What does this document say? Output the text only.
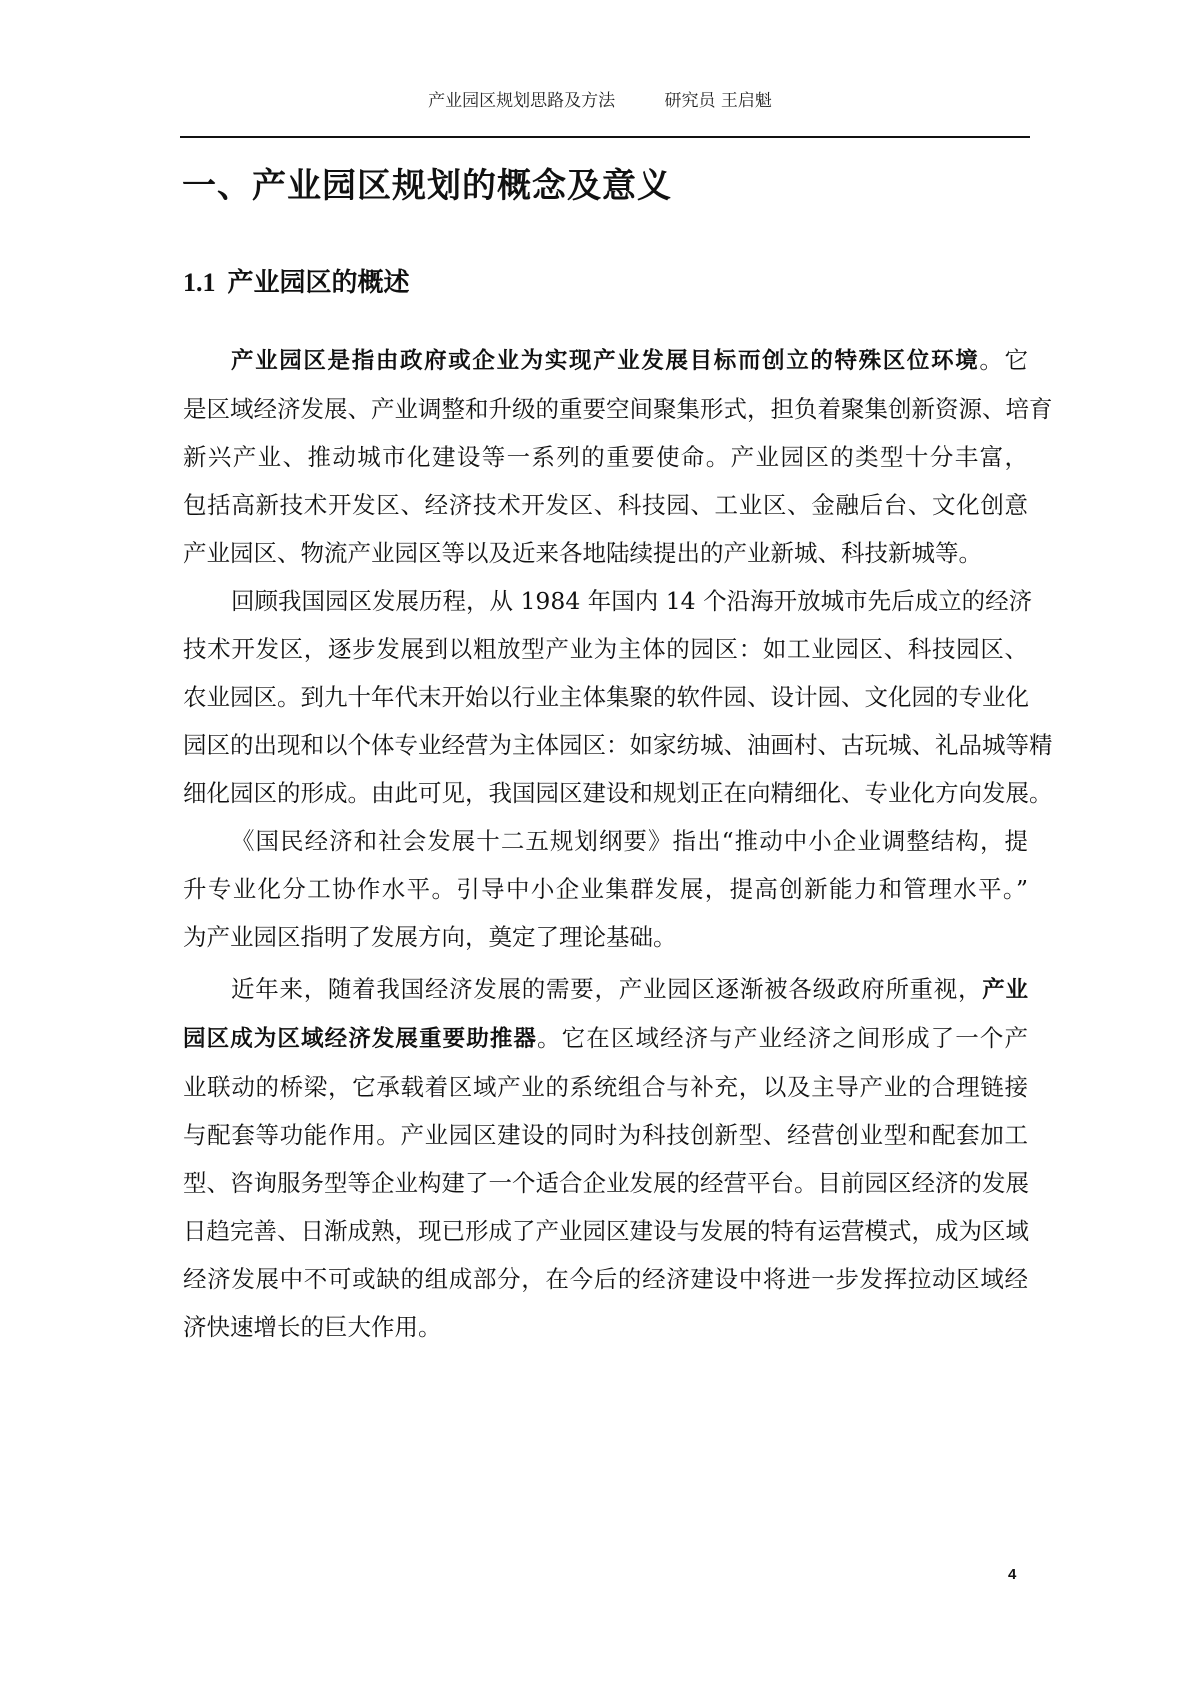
产业园区规划思路及方法	研究员 王启魁
一、产业园区规划的概念及意义
1.1 产业园区的概述
产业园区是指由政府或企业为实现产业发展目标而创立的特殊区位环境。它
是区域经济发展、产业调整和升级的重要空间聚集形式，担负着聚集创新资源、培育
新兴产业、推动城市化建设等一系列的重要使命。产业园区的类型十分丰富，
包括高新技术开发区、经济技术开发区、科技园、工业区、金融后台、文化创意
产业园区、物流产业园区等以及近来各地陆续提出的产业新城、科技新城等。
回顾我国园区发展历程，从 1984 年国内 14 个沿海开放城市先后成立的经济
技术开发区，逐步发展到以粗放型产业为主体的园区：如工业园区、科技园区、
农业园区。到九十年代末开始以行业主体集聚的软件园、设计园、文化园的专业化
园区的出现和以个体专业经营为主体园区：如家纺城、油画村、古玩城、礼品城等精
细化园区的形成。由此可见，我国园区建设和规划正在向精细化、专业化方向发展。
《国民经济和社会发展十二五规划纲要》指出“推动中小企业调整结构，提
升专业化分工协作水平。引导中小企业集群发展，提高创新能力和管理水平。”
为产业园区指明了发展方向，奠定了理论基础。
近年来，随着我国经济发展的需要，产业园区逐渐被各级政府所重视，产业
园区成为区域经济发展重要助推器。它在区域经济与产业经济之间形成了一个产
业联动的桥梁，它承载着区域产业的系统组合与补充，以及主导产业的合理链接
与配套等功能作用。产业园区建设的同时为科技创新型、经营创业型和配套加工
型、咨询服务型等企业构建了一个适合企业发展的经营平台。目前园区经济的发展
日趋完善、日渐成熟，现已形成了产业园区建设与发展的特有运营模式，成为区域
经济发展中不可或缺的组成部分，在今后的经济建设中将进一步发挥拉动区域经
济快速增长的巨大作用。
4
